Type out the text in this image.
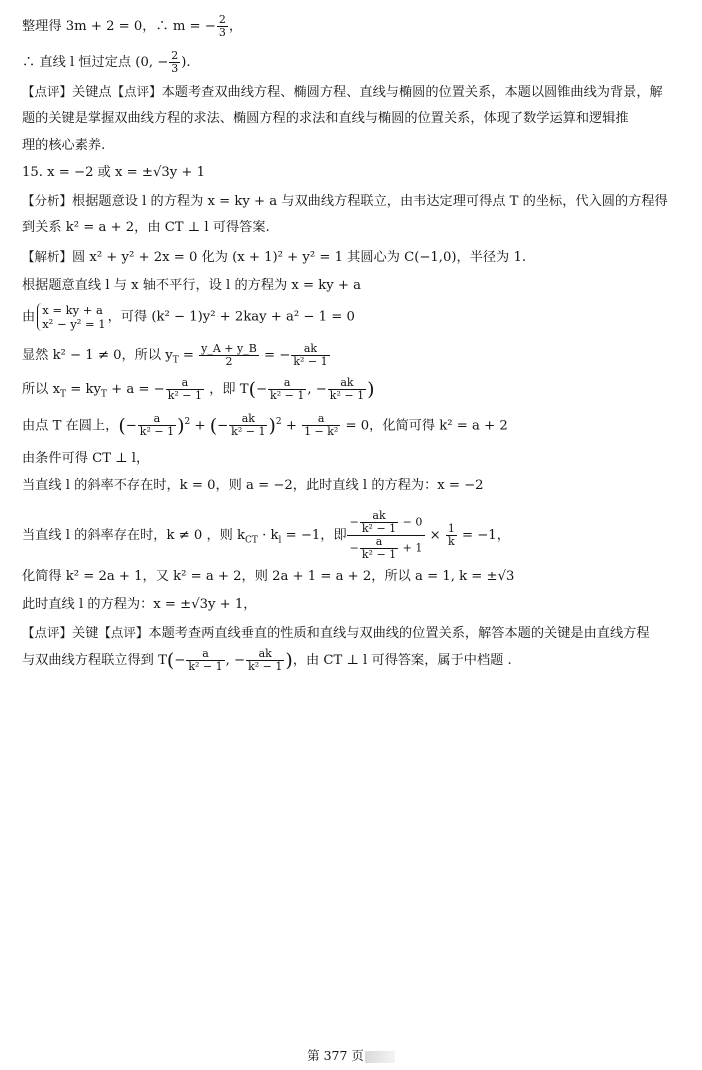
整理得 3m + 2 = 0，∴ m = − $\frac{2}{3}$ ，
∴ 直线 l 恒过定点 (0, − $\frac{2}{3}$ ).
【点评】关键点【点评】本题考查双曲线方程、椭圆方程、直线与椭圆的位置关系，本题以圆锥曲线为背景，解
题的关键是掌握双曲线方程的求法、椭圆方程的求法和直线与椭圆的位置关系，体现了数学运算和逻辑推
理的核心素养.
15. x = −2 或 x = ±√3y + 1
【分析】根据题意设 l 的方程为 x = ky + a 与双曲线方程联立，由韦达定理可得点 T 的坐标，代入圆的方程得
到关系 k² = a + 2，由 CT ⊥ l 可得答案.
【解析】圆 x² + y² + 2x = 0 化为 (x + 1)² + y² = 1 其圆心为 C(−1,0)，半径为 1.
根据题意直线 l 与 x 轴不平行，设 l 的方程为 x = ky + a
由 x = ky + a
x² − y² = 1 ，可得 (k² − 1)y² + 2kay + a² − 1 = 0
显然 k² − 1 ≠ 0，所以 $y_T = \frac{y\_A + y\_B}{2}$ = − $\frac{ak}{\text{k² − 1}}$
所以 $x_T = ky_T + a$ = − $\frac{a}{\text{k² − 1}}$ ，即 $T(- \frac{a}{\text{k² − 1}}$ , − $\frac{ak}{\text{k² − 1}}$ )
由点 T 在圆上，(− $\frac{a}{\text{k² − 1}} )^2$ + (− $\frac{ak}{\text{k² − 1}} )^2 + \frac{a}{\text{1 − k²}} = 0$，化简可得 k² = a + 2
由条件可得 CT ⊥ l，
当直线 l 的斜率不存在时，k = 0，则 a = −2，此时直线 l 的方程为：x = −2
当直线 l 的斜率存在时，k ≠ 0 ，则 $k_{CT} \cdot k_l = -1$，即
− $\frac{ak}{\text{k² − 1}} - 0$
− $\frac{a}{\text{k² − 1}} + 1$
× $\frac{1}{k} = -1$，
化简得 k² = 2a + 1，又 k² = a + 2，则 2a + 1 = a + 2，所以 a = 1, k = ±√3
此时直线 l 的方程为：x = ±√3y + 1，
【点评】关键【点评】本题考查两直线垂直的性质和直线与双曲线的位置关系，解答本题的关键是由直线方程
与双曲线方程联立得到 $T(- \frac{a}{\text{k² − 1}}$ , − $\frac{ak}{\text{k² − 1}}$ )，由 CT ⊥ l 可得答案，属于中档题 .
第 377 页
